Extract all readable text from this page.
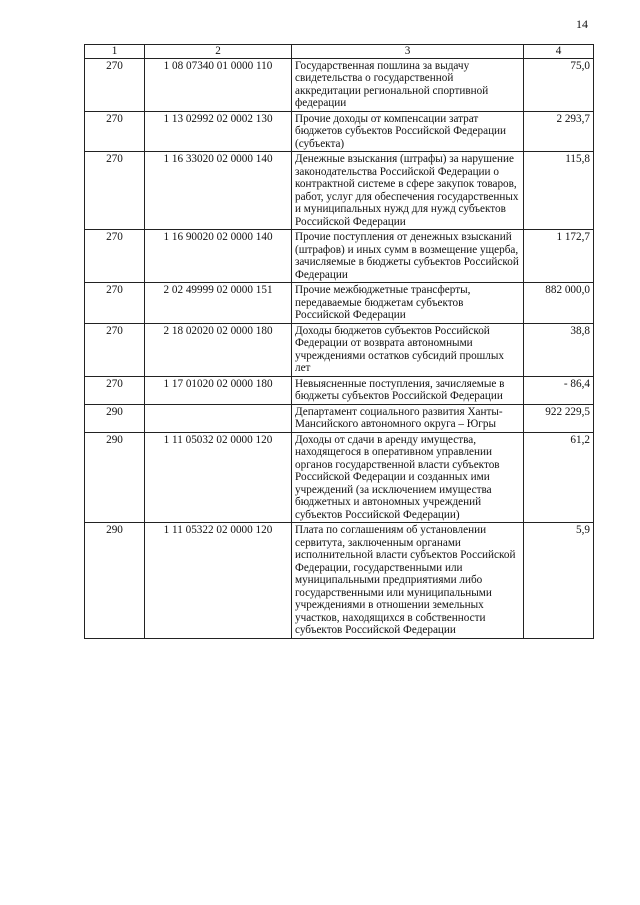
14
1	2	3	4
270	1 08 07340 01 0000 110	Государственная пошлина за выдачу свидетельства о государственной аккредитации региональной спортивной федерации	75,0
270	1 13 02992 02 0002 130	Прочие доходы от компенсации затрат бюджетов субъектов Российской Федерации (субъекта)	2 293,7
270	1 16 33020 02 0000 140	Денежные взыскания (штрафы) за нарушение законодательства Российской Федерации о контрактной системе в сфере закупок товаров, работ, услуг для обеспечения государственных и муниципальных нужд для нужд субъектов Российской Федерации	115,8
270	1 16 90020 02 0000 140	Прочие поступления от денежных взысканий (штрафов) и иных сумм в возмещение ущерба, зачисляемые в бюджеты субъектов Российской Федерации	1 172,7
270	2 02 49999 02 0000 151	Прочие межбюджетные трансферты, передаваемые бюджетам субъектов Российской Федерации	882 000,0
270	2 18 02020 02 0000 180	Доходы бюджетов субъектов Российской Федерации от возврата автономными учреждениями остатков субсидий прошлых лет	38,8
270	1 17 01020 02 0000 180	Невыясненные поступления, зачисляемые в бюджеты субъектов Российской Федерации	- 86,4
290		Департамент социального развития Ханты-Мансийского автономного округа – Югры	922 229,5
290	1 11 05032 02 0000 120	Доходы от сдачи в аренду имущества, находящегося в оперативном управлении органов государственной власти субъектов Российской Федерации и созданных ими учреждений (за исключением имущества бюджетных и автономных учреждений субъектов Российской Федерации)	61,2
290	1 11 05322 02 0000 120	Плата по соглашениям об установлении сервитута, заключенным органами исполнительной власти субъектов Российской Федерации, государственными или муниципальными предприятиями либо государственными или муниципальными учреждениями в отношении земельных участков, находящихся в собственности субъектов Российской Федерации	5,9
